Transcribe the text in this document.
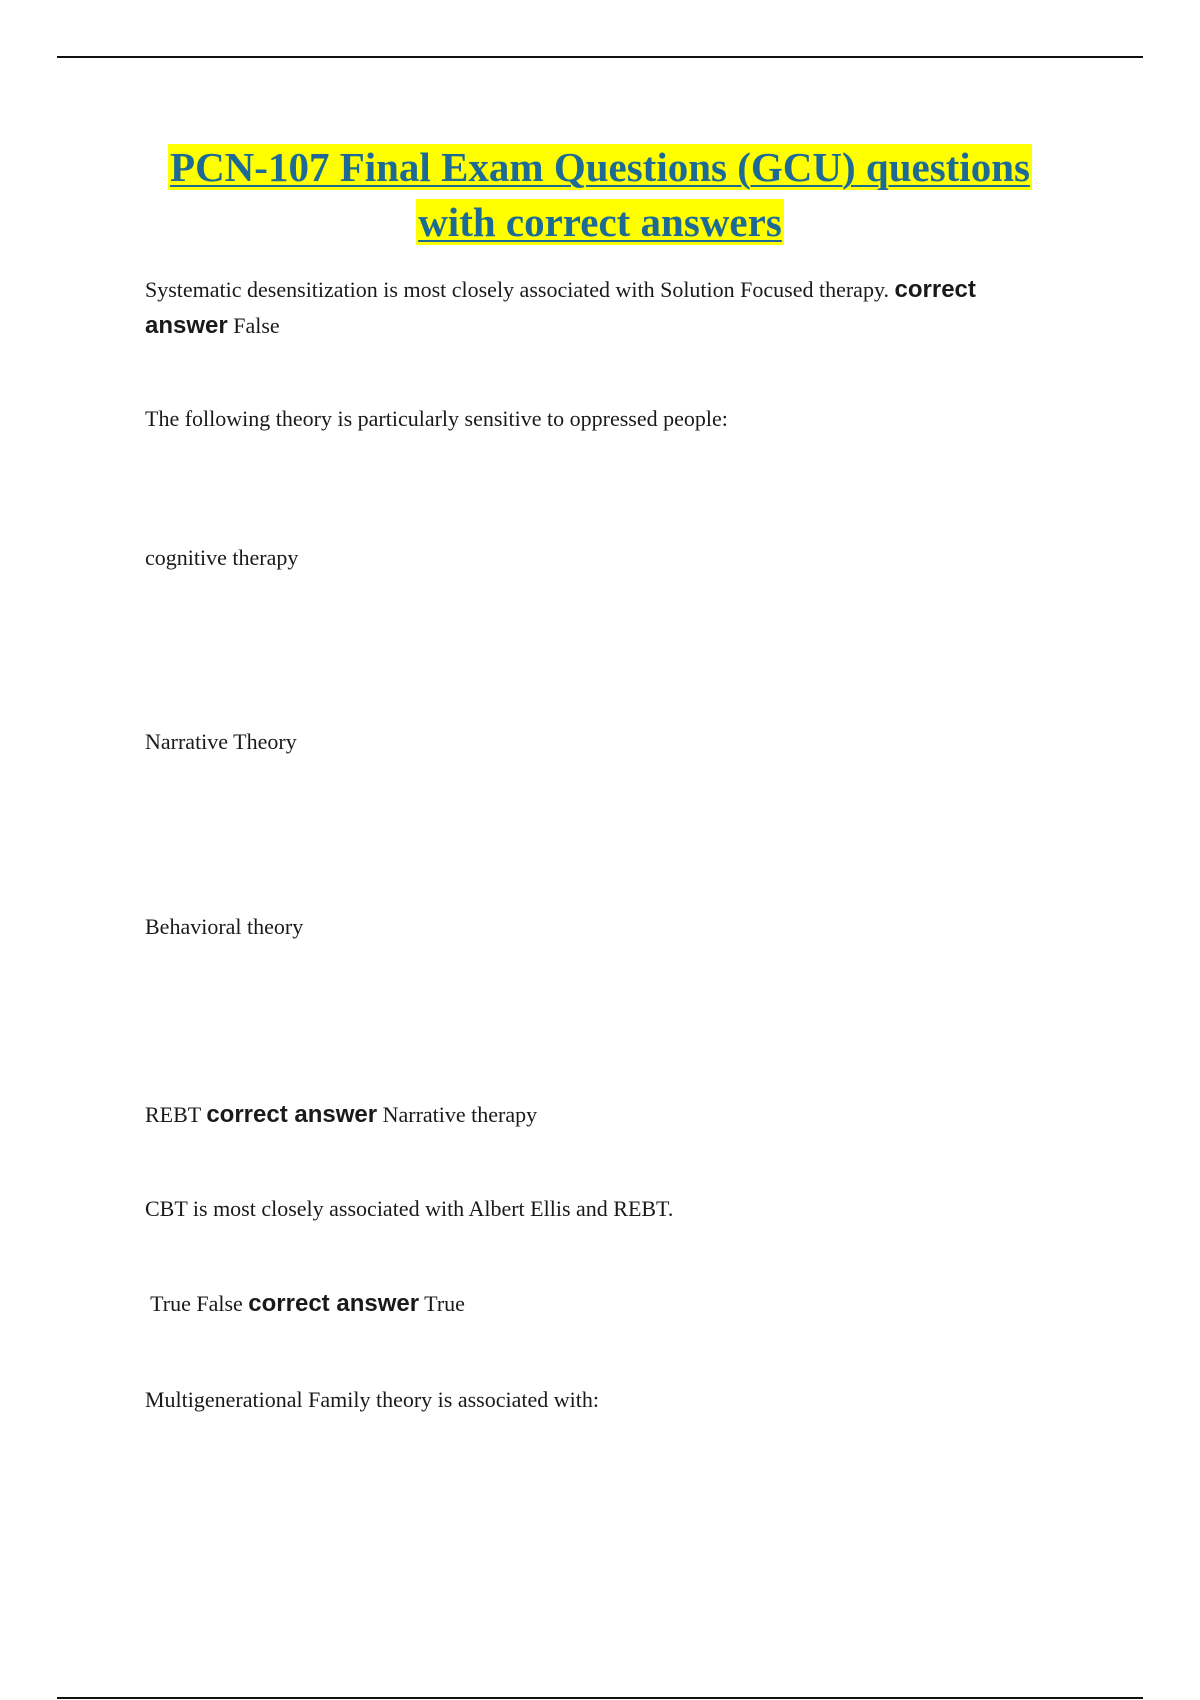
PCN-107 Final Exam Questions (GCU) questions
with correct answers

Systematic desensitization is most closely associated with Solution Focused therapy. correct answer False

The following theory is particularly sensitive to oppressed people:

cognitive therapy

Narrative Theory

Behavioral theory

REBT correct answer Narrative therapy

CBT is most closely associated with Albert Ellis and REBT.

True False correct answer True

Multigenerational Family theory is associated with:
